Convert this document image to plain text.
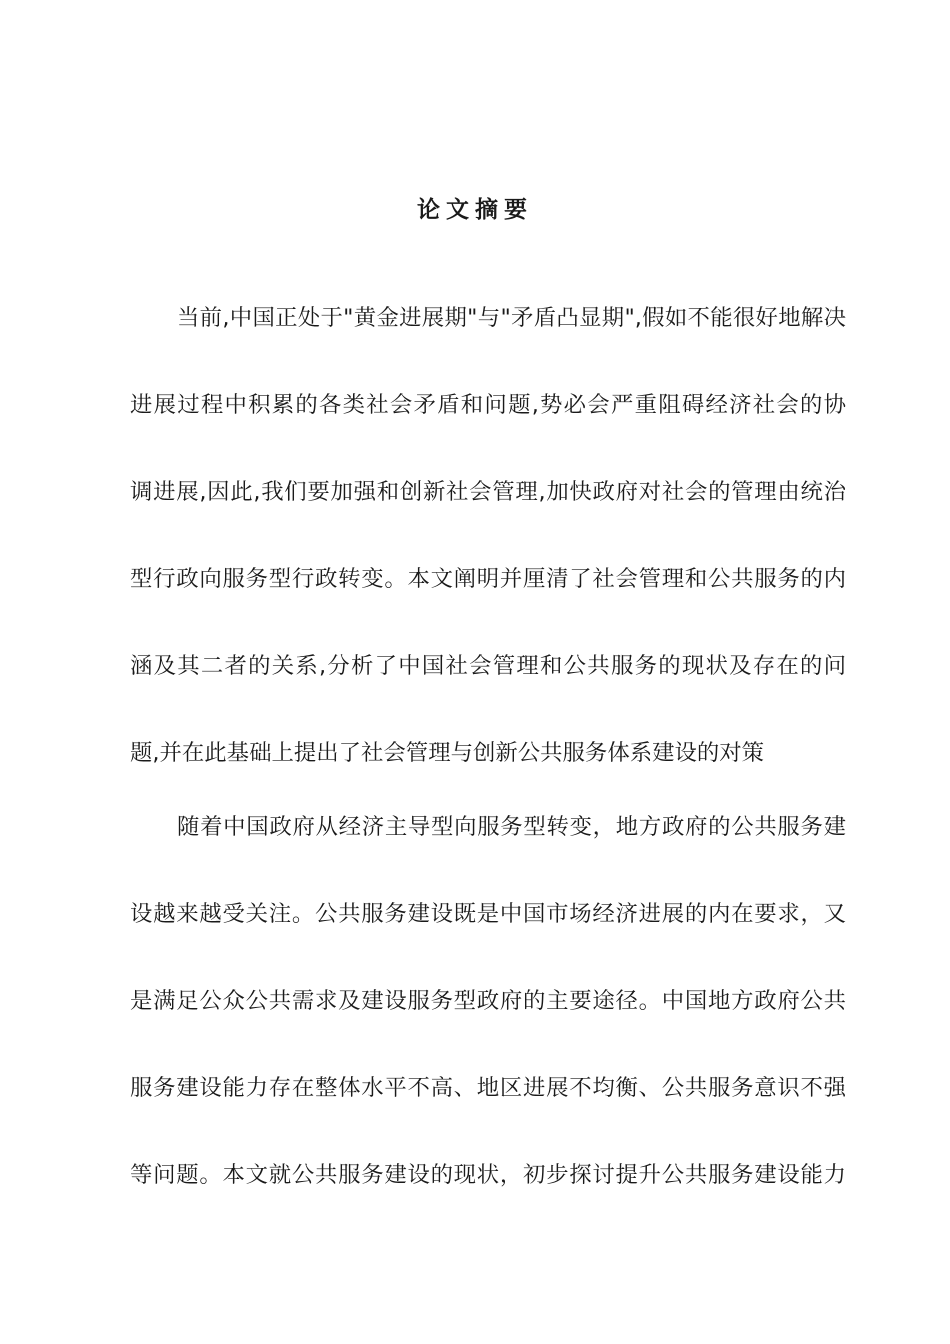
论文摘要
当前,中国正处于"黄金进展期"与"矛盾凸显期",假如不能很好地解决
进展过程中积累的各类社会矛盾和问题,势必会严重阻碍经济社会的协
调进展,因此,我们要加强和创新社会管理,加快政府对社会的管理由统治
型行政向服务型行政转变。本文阐明并厘清了社会管理和公共服务的内
涵及其二者的关系,分析了中国社会管理和公共服务的现状及存在的问
题,并在此基础上提出了社会管理与创新公共服务体系建设的对策
随着中国政府从经济主导型向服务型转变，地方政府的公共服务建
设越来越受关注。公共服务建设既是中国市场经济进展的内在要求，又
是满足公众公共需求及建设服务型政府的主要途径。中国地方政府公共
服务建设能力存在整体水平不高、地区进展不均衡、公共服务意识不强
等问题。本文就公共服务建设的现状，初步探讨提升公共服务建设能力
